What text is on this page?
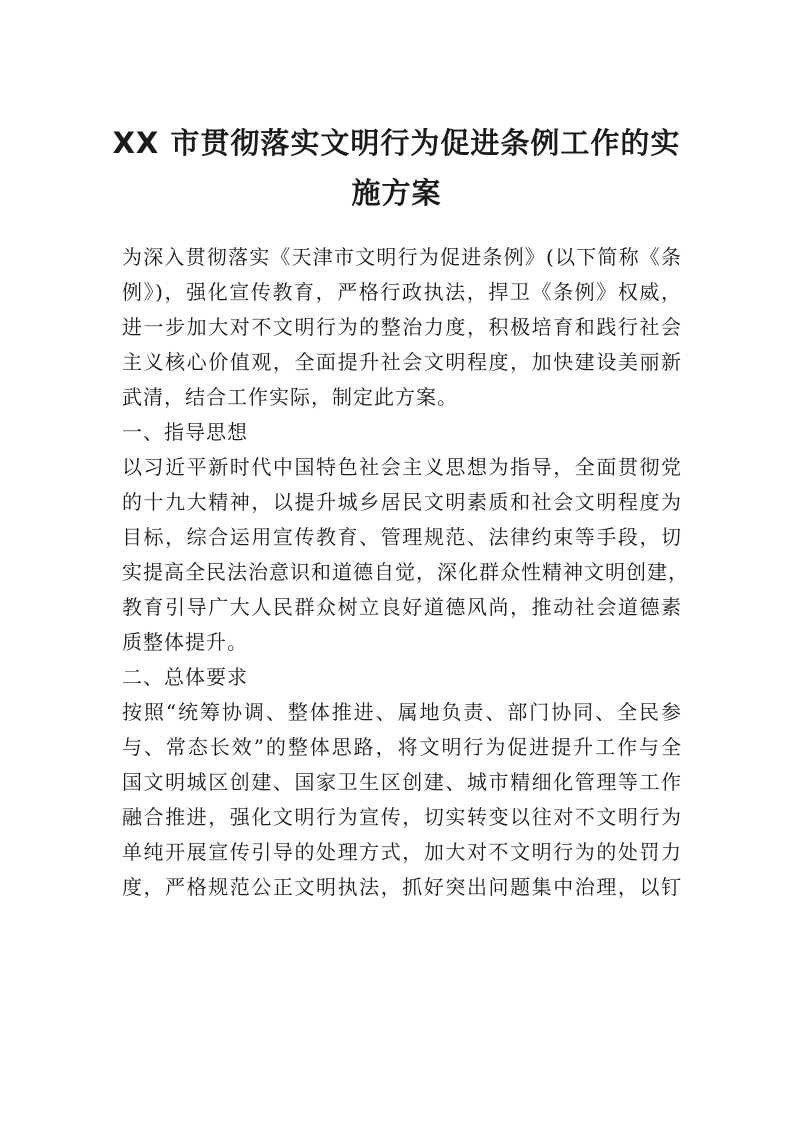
XX 市贯彻落实文明行为促进条例工作的实
施方案
为深入贯彻落实《天津市文明行为促进条例》(以下简称《条
例》)，强化宣传教育，严格行政执法，捍卫《条例》权威，
进一步加大对不文明行为的整治力度，积极培育和践行社会
主义核心价值观，全面提升社会文明程度，加快建设美丽新
武清，结合工作实际，制定此方案。
一、指导思想
以习近平新时代中国特色社会主义思想为指导，全面贯彻党
的十九大精神，以提升城乡居民文明素质和社会文明程度为
目标，综合运用宣传教育、管理规范、法律约束等手段，切
实提高全民法治意识和道德自觉，深化群众性精神文明创建，
教育引导广大人民群众树立良好道德风尚，推动社会道德素
质整体提升。
二、总体要求
按照“统筹协调、整体推进、属地负责、部门协同、全民参
与、常态长效”的整体思路，将文明行为促进提升工作与全
国文明城区创建、国家卫生区创建、城市精细化管理等工作
融合推进，强化文明行为宣传，切实转变以往对不文明行为
单纯开展宣传引导的处理方式，加大对不文明行为的处罚力
度，严格规范公正文明执法，抓好突出问题集中治理，以钉
